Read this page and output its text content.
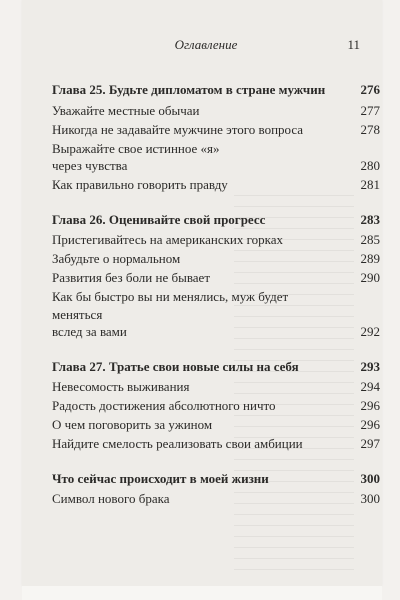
Оглавление	11
Глава 25. Будьте дипломатом в стране мужчин	276
Уважайте местные обычаи	277
Никогда не задавайте мужчине этого вопроса	278
Выражайте свое истинное «я»
через чувства	280
Как правильно говорить правду	281
Глава 26. Оценивайте свой прогресс	283
Пристегивайтесь на американских горках	285
Забудьте о нормальном	289
Развития без боли не бывает	290
Как бы быстро вы ни менялись, муж будет меняться
вслед за вами	292
Глава 27. Тратье свои новые силы на себя	293
Невесомость выживания	294
Радость достижения абсолютного ничто	296
О чем поговорить за ужином	296
Найдите смелость реализовать свои амбиции	297
Что сейчас происходит в моей жизни	300
Символ нового брака	300
